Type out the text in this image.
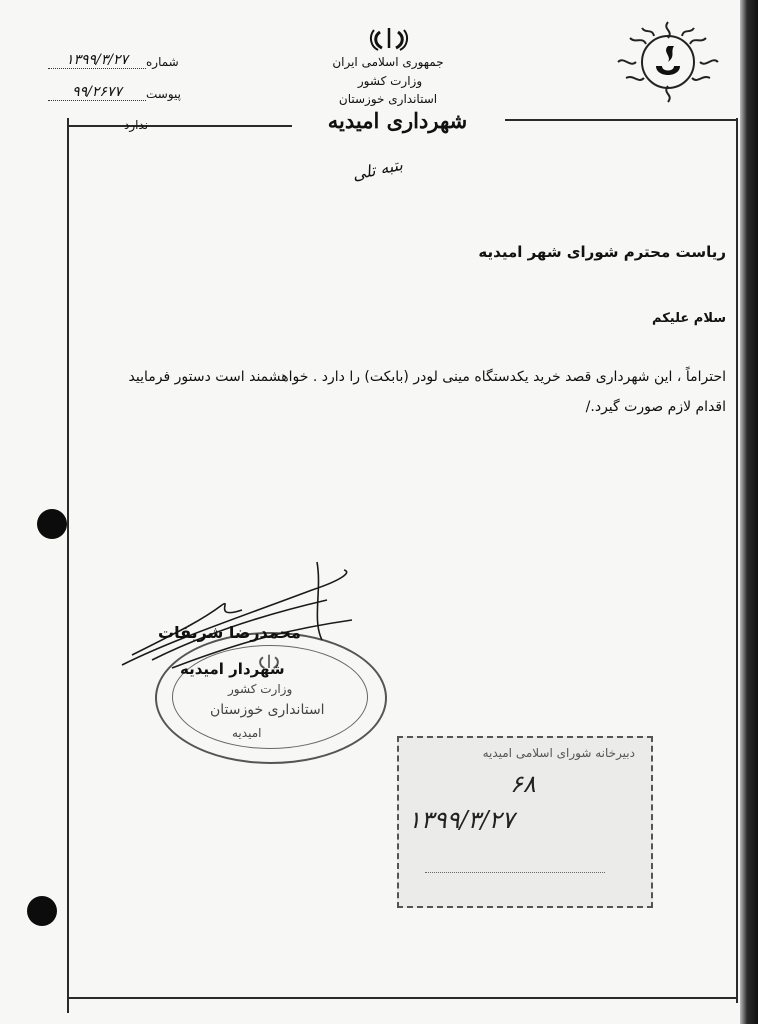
جمهوری اسلامی ایران
وزارت کشور
استانداری خوزستان
شهرداری امیدیه
شماره
۱۳۹۹/۳/۲۷
پیوست
۹۹/۲۶۷۷
ندارد
بتبه تلی
ریاست محترم شورای شهر امیدیه
سلام علیکم
احتراماً ، این شهرداری قصد خرید یکدستگاه مینی لودر (بابکت) را دارد . خواهشمند است دستور فرمایید اقدام لازم صورت گیرد./
وزارت کشور
استانداری خوزستان
امیدیه
محمدرضا شریفات
شهردار امیدیه
دبیرخانه شورای اسلامی امیدیه
۶۸
۱۳۹۹/۳/۲۷
